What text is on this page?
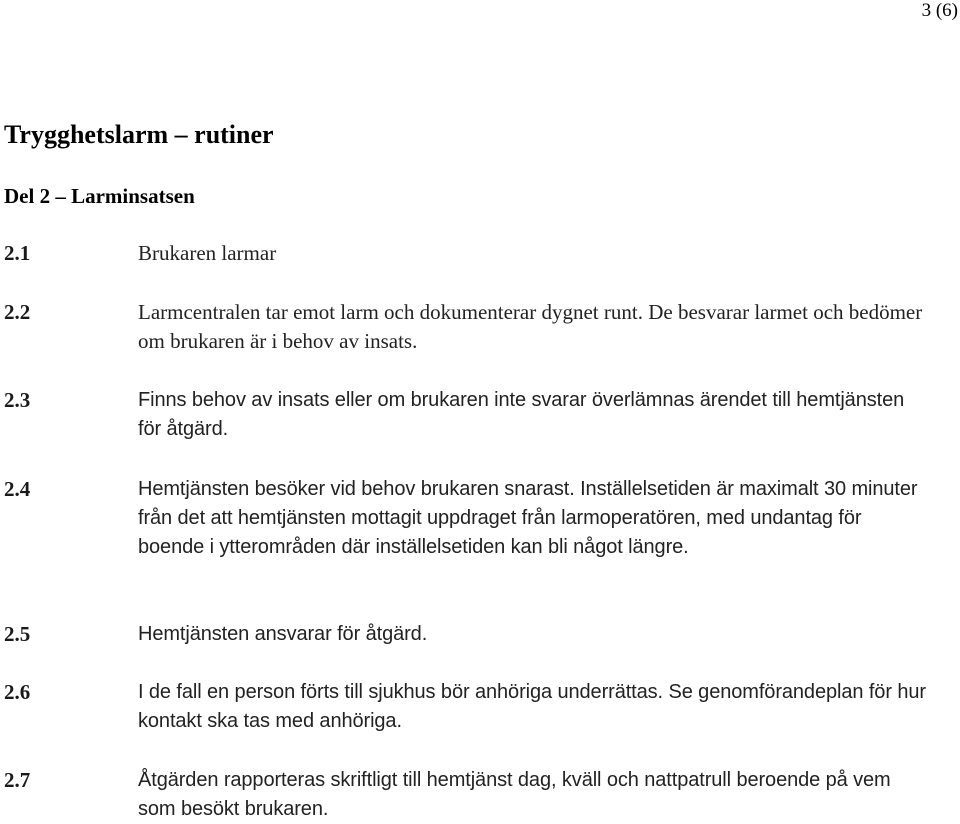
3 (6)
Trygghetslarm – rutiner
Del 2 – Larminsatsen
2.1	Brukaren larmar
2.2	Larmcentralen tar emot larm och dokumenterar dygnet runt. De besvarar larmet och bedömer om brukaren är i behov av insats.
2.3	Finns behov av insats eller om brukaren inte svarar överlämnas ärendet till hemtjänsten för åtgärd.
2.4	Hemtjänsten besöker vid behov brukaren snarast. Inställelsetiden är maximalt 30 minuter från det att hemtjänsten mottagit uppdraget från larmoperatören, med undantag för boende i ytterområden där inställelsetiden kan bli något längre.
2.5	Hemtjänsten ansvarar för åtgärd.
2.6	I de fall en person förts till sjukhus bör anhöriga underrättas. Se genomförandeplan för hur kontakt ska tas med anhöriga.
2.7	Åtgärden rapporteras skriftligt till hemtjänst dag, kväll och nattpatrull beroende på vem som besökt brukaren.
